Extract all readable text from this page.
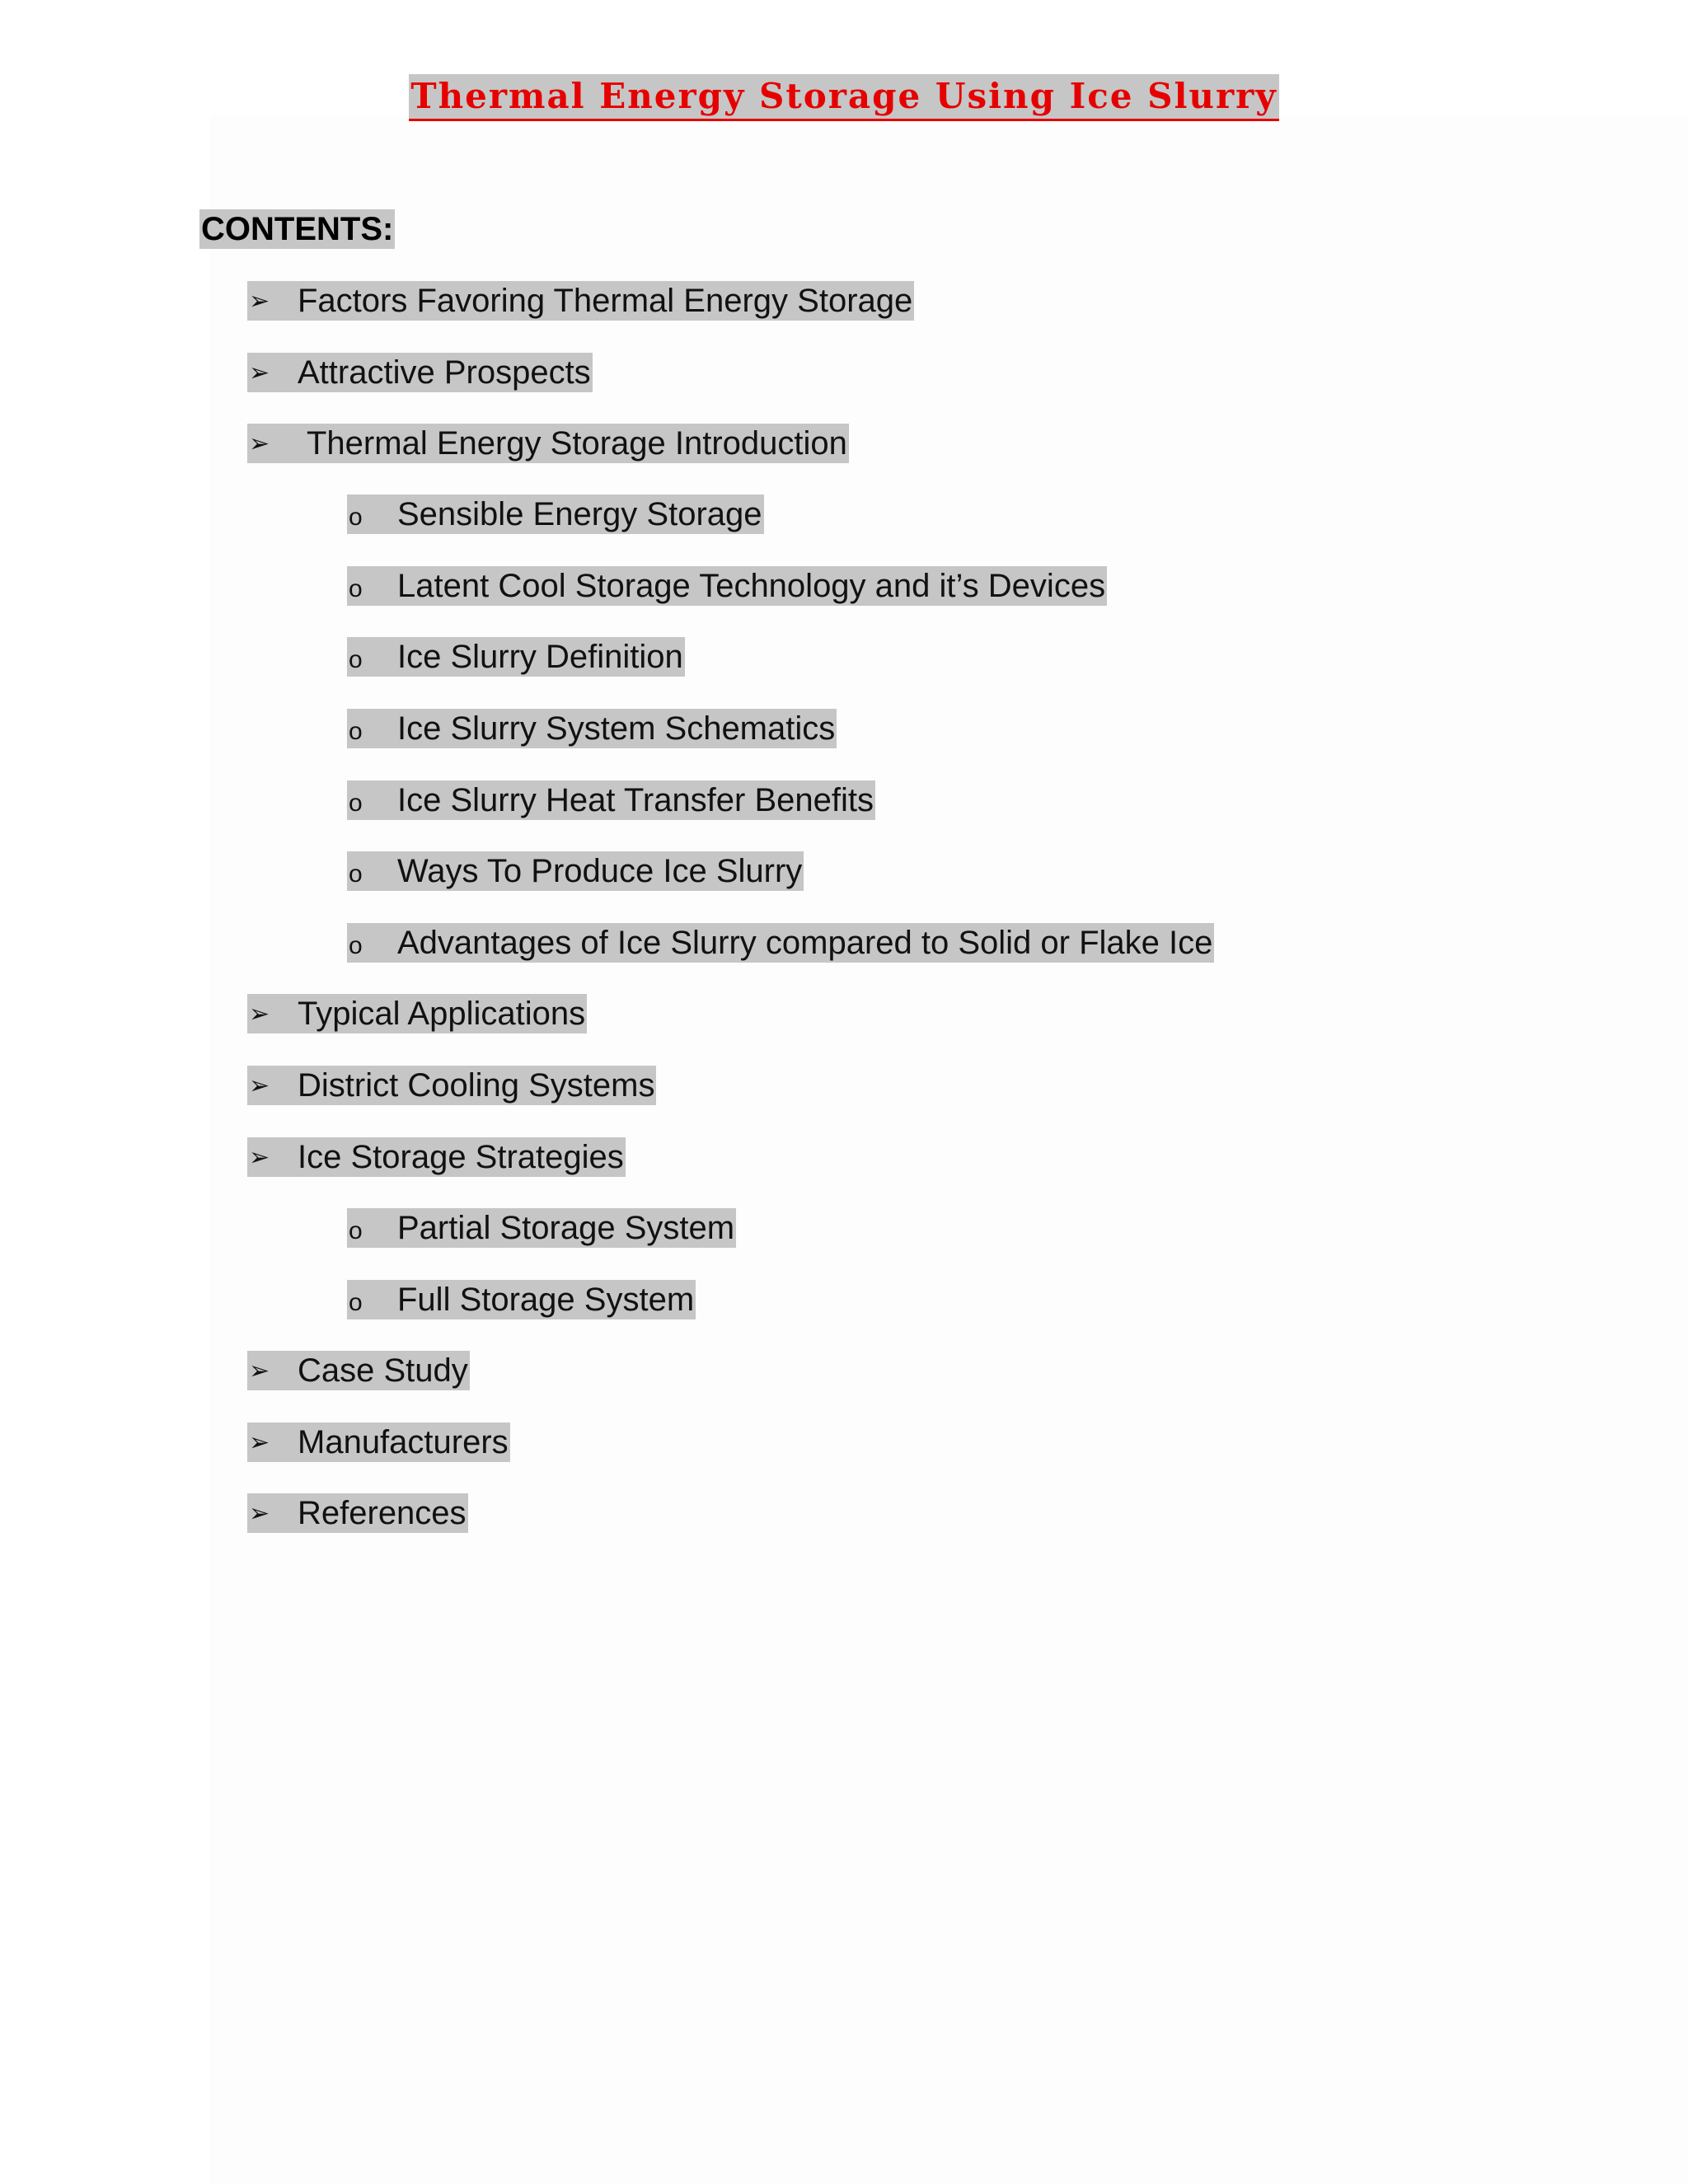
Thermal Energy Storage Using Ice Slurry
CONTENTS:
➢ Factors Favoring Thermal Energy Storage
➢ Attractive Prospects
➢	Thermal Energy Storage Introduction
o	Sensible Energy Storage
o	Latent Cool Storage Technology and it’s Devices
o	Ice Slurry Definition
o	Ice Slurry System Schematics
o	Ice Slurry Heat Transfer Benefits
o	Ways To Produce Ice Slurry
o	Advantages of Ice Slurry compared to Solid or Flake Ice
➢ Typical Applications
➢ District Cooling Systems
➢ Ice Storage Strategies
o	Partial Storage System
o	Full Storage System
➢ Case Study
➢ Manufacturers
➢ References
